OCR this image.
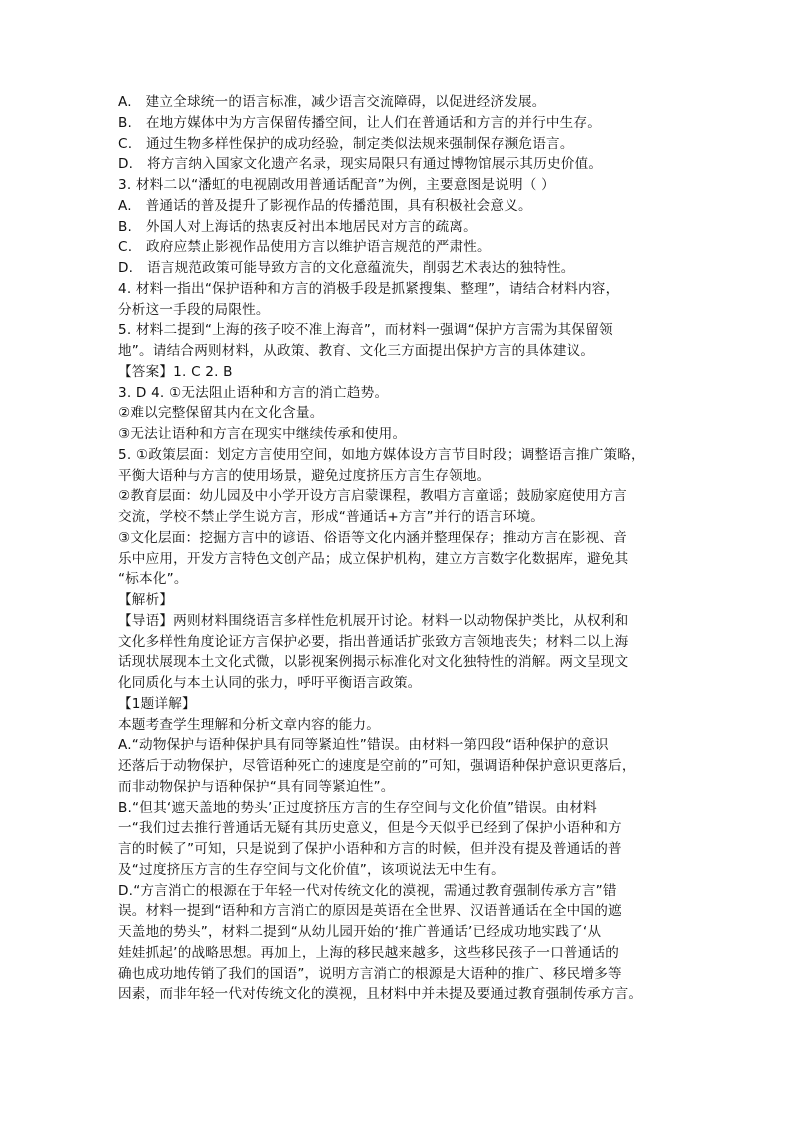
A.　建立全球统一的语言标准，减少语言交流障碍，以促进经济发展。
B.　在地方媒体中为方言保留传播空间，让人们在普通话和方言的并行中生存。
C.　通过生物多样性保护的成功经验，制定类似法规来强制保存濒危语言。
D.　将方言纳入国家文化遗产名录，现实局限只有通过博物馆展示其历史价值。
3. 材料二以“潘虹的电视剧改用普通话配音”为例，主要意图是说明（ ）
A.　普通话的普及提升了影视作品的传播范围，具有积极社会意义。
B.　外国人对上海话的热衷反衬出本地居民对方言的疏离。
C.　政府应禁止影视作品使用方言以维护语言规范的严肃性。
D.　语言规范政策可能导致方言的文化意蕴流失，削弱艺术表达的独特性。
4. 材料一指出“保护语种和方言的消极手段是抓紧搜集、整理”，请结合材料内容，
分析这一手段的局限性。
5. 材料二提到“上海的孩子咬不准上海音”，而材料一强调“保护方言需为其保留领
地”。请结合两则材料，从政策、教育、文化三方面提出保护方言的具体建议。
【答案】1. C 2. B
3. D 4. ①无法阻止语种和方言的消亡趋势。
②难以完整保留其内在文化含量。
③无法让语种和方言在现实中继续传承和使用。
5. ①政策层面：划定方言使用空间，如地方媒体设方言节目时段；调整语言推广策略，
平衡大语种与方言的使用场景，避免过度挤压方言生存领地。
②教育层面：幼儿园及中小学开设方言启蒙课程，教唱方言童谣；鼓励家庭使用方言
交流，学校不禁止学生说方言，形成“普通话+方言”并行的语言环境。
③文化层面：挖掘方言中的谚语、俗语等文化内涵并整理保存；推动方言在影视、音
乐中应用，开发方言特色文创产品；成立保护机构，建立方言数字化数据库，避免其
“标本化”。
【解析】
【导语】两则材料围绕语言多样性危机展开讨论。材料一以动物保护类比，从权利和
文化多样性角度论证方言保护必要，指出普通话扩张致方言领地丧失；材料二以上海
话现状展现本土文化式微，以影视案例揭示标准化对文化独特性的消解。两文呈现文
化同质化与本土认同的张力，呼吁平衡语言政策。
【1题详解】
本题考查学生理解和分析文章内容的能力。
A.“动物保护与语种保护具有同等紧迫性”错误。由材料一第四段“语种保护的意识
还落后于动物保护，尽管语种死亡的速度是空前的”可知，强调语种保护意识更落后，
而非动物保护与语种保护“具有同等紧迫性”。
B.“但其‘遮天盖地的势头’正过度挤压方言的生存空间与文化价值”错误。由材料
一“我们过去推行普通话无疑有其历史意义，但是今天似乎已经到了保护小语种和方
言的时候了”可知，只是说到了保护小语种和方言的时候，但并没有提及普通话的普
及“过度挤压方言的生存空间与文化价值”，该项说法无中生有。
D.“方言消亡的根源在于年轻一代对传统文化的漠视，需通过教育强制传承方言”错
误。材料一提到“语种和方言消亡的原因是英语在全世界、汉语普通话在全中国的遮
天盖地的势头”，材料二提到“从幼儿园开始的‘推广普通话’已经成功地实践了‘从
娃娃抓起’的战略思想。再加上，上海的移民越来越多，这些移民孩子一口普通话的
确也成功地传销了我们的国语”，说明方言消亡的根源是大语种的推广、移民增多等
因素，而非年轻一代对传统文化的漠视，且材料中并未提及要通过教育强制传承方言。
